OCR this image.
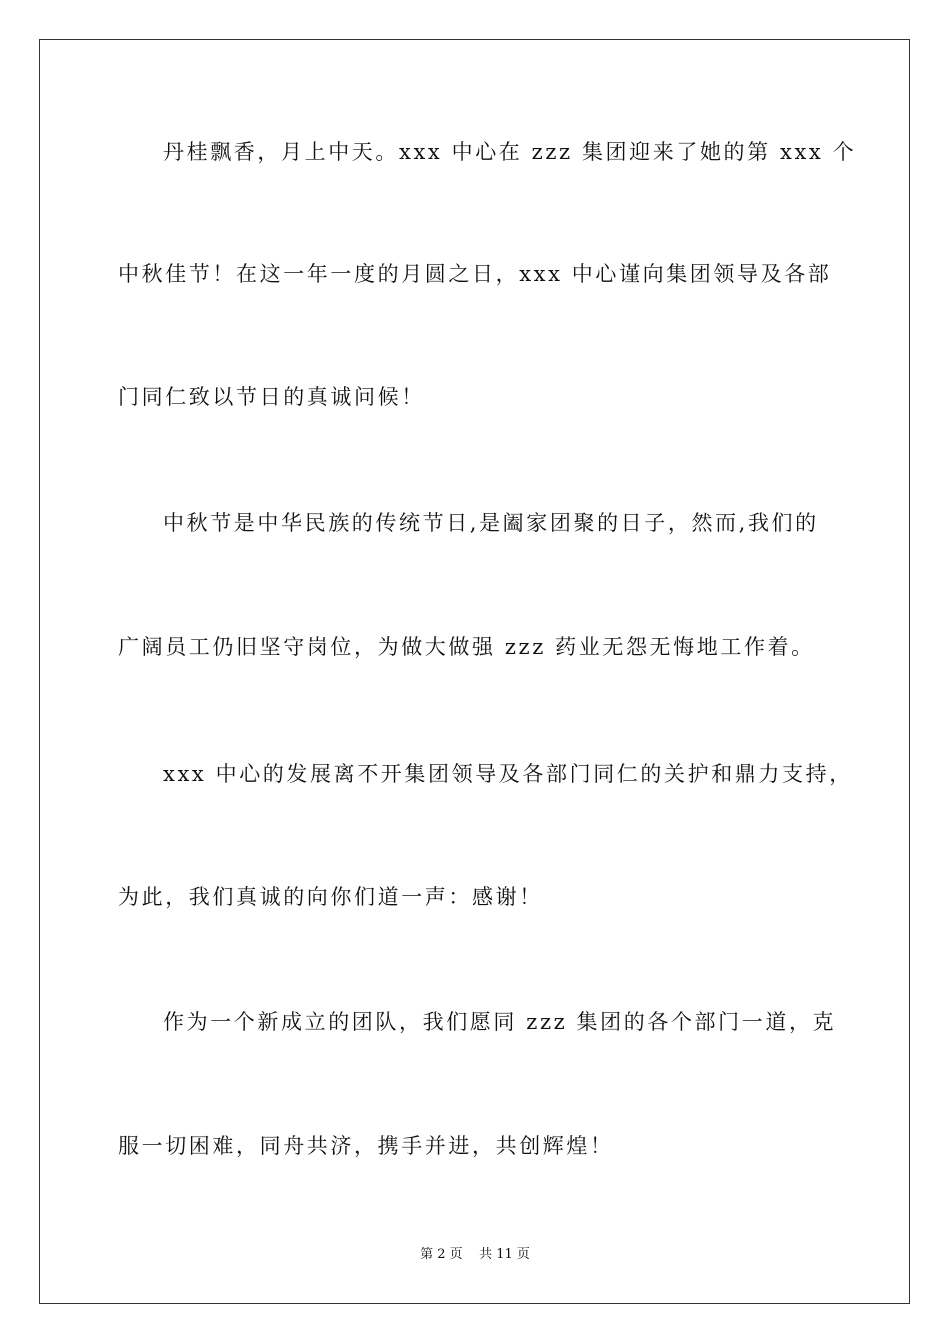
丹桂飘香，月上中天。xxx 中心在 zzz 集团迎来了她的第 xxx 个
中秋佳节！在这一年一度的月圆之日，xxx 中心谨向集团领导及各部
门同仁致以节日的真诚问候！
中秋节是中华民族的传统节日,是阖家团聚的日子，然而,我们的
广阔员工仍旧坚守岗位，为做大做强 zzz 药业无怨无悔地工作着。
xxx 中心的发展离不开集团领导及各部门同仁的关护和鼎力支持，
为此，我们真诚的向你们道一声：感谢！
作为一个新成立的团队，我们愿同 zzz 集团的各个部门一道，克
服一切困难，同舟共济，携手并进，共创辉煌！
第 2 页    共 11 页
